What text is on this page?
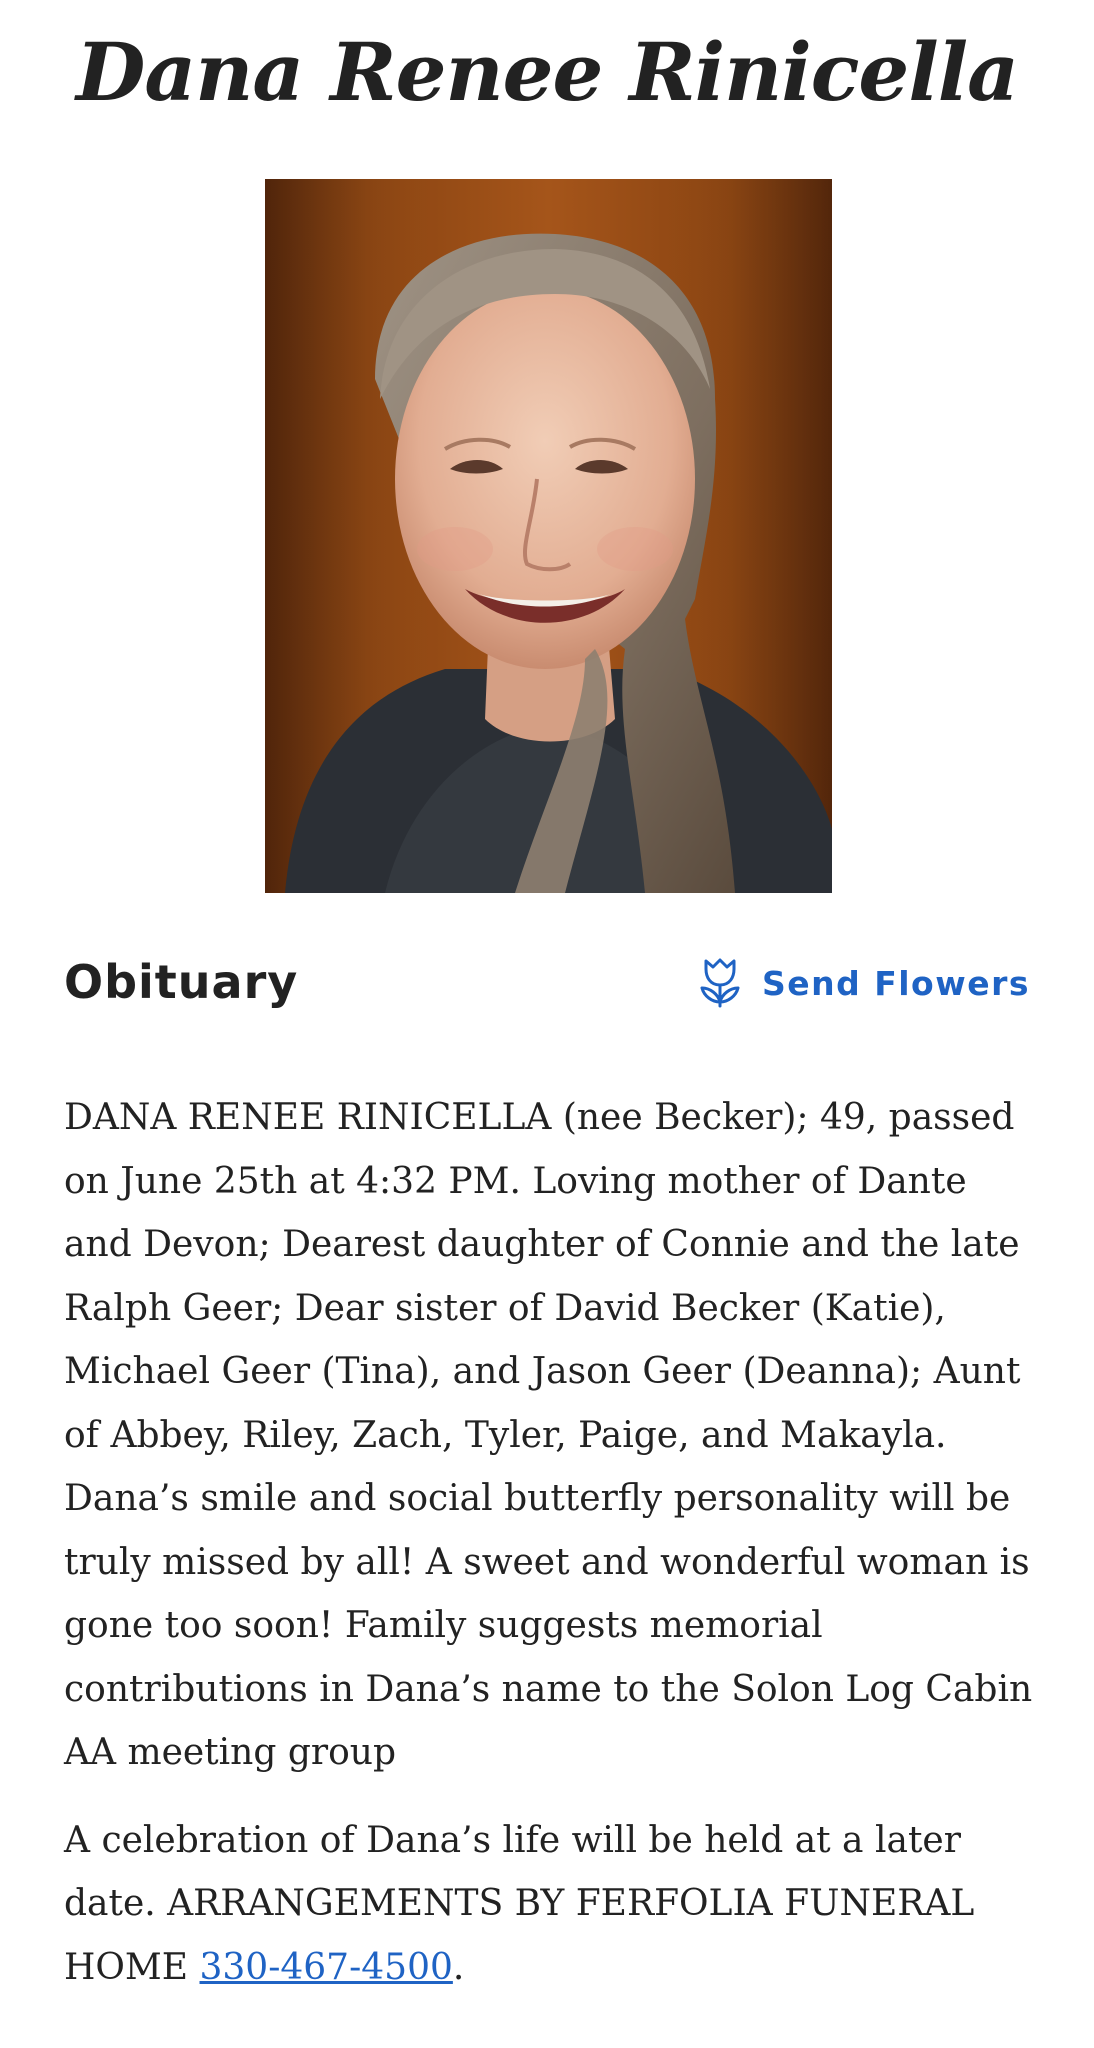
Dana Renee Rinicella
Obituary	Send Flowers

DANA RENEE RINICELLA (nee Becker); 49, passed on June 25th at 4:32 PM. Loving mother of Dante and Devon; Dearest daughter of Connie and the late Ralph Geer; Dear sister of David Becker (Katie), Michael Geer (Tina), and Jason Geer (Deanna); Aunt of Abbey, Riley, Zach, Tyler, Paige, and Makayla. Dana’s smile and social butterfly personality will be truly missed by all! A sweet and wonderful woman is gone too soon! Family suggests memorial contributions in Dana’s name to the Solon Log Cabin AA meeting group

A celebration of Dana’s life will be held at a later date. ARRANGEMENTS BY FERFOLIA FUNERAL HOME 330-467-4500.
